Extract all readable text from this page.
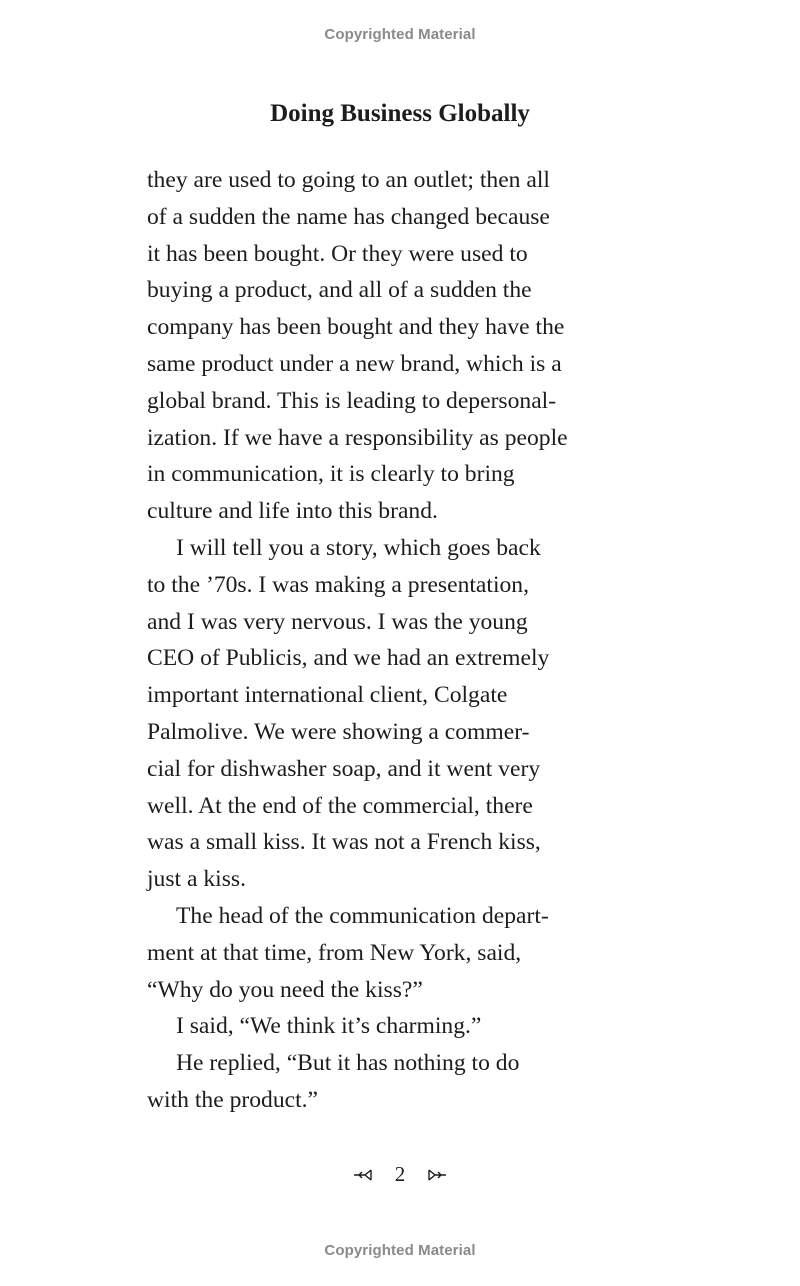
Copyrighted Material
Doing Business Globally
they are used to going to an outlet; then all
of a sudden the name has changed because
it has been bought. Or they were used to
buying a product, and all of a sudden the
company has been bought and they have the
same product under a new brand, which is a
global brand. This is leading to depersonal-
ization. If we have a responsibility as people
in communication, it is clearly to bring
culture and life into this brand.
I will tell you a story, which goes back
to the ’70s. I was making a presentation,
and I was very nervous. I was the young
CEO of Publicis, and we had an extremely
important international client, Colgate
Palmolive. We were showing a commer-
cial for dishwasher soap, and it went very
well. At the end of the commercial, there
was a small kiss. It was not a French kiss,
just a kiss.
The head of the communication depart-
ment at that time, from New York, said,
“Why do you need the kiss?”
I said, “We think it’s charming.”
He replied, “But it has nothing to do
with the product.”
2
Copyrighted Material
